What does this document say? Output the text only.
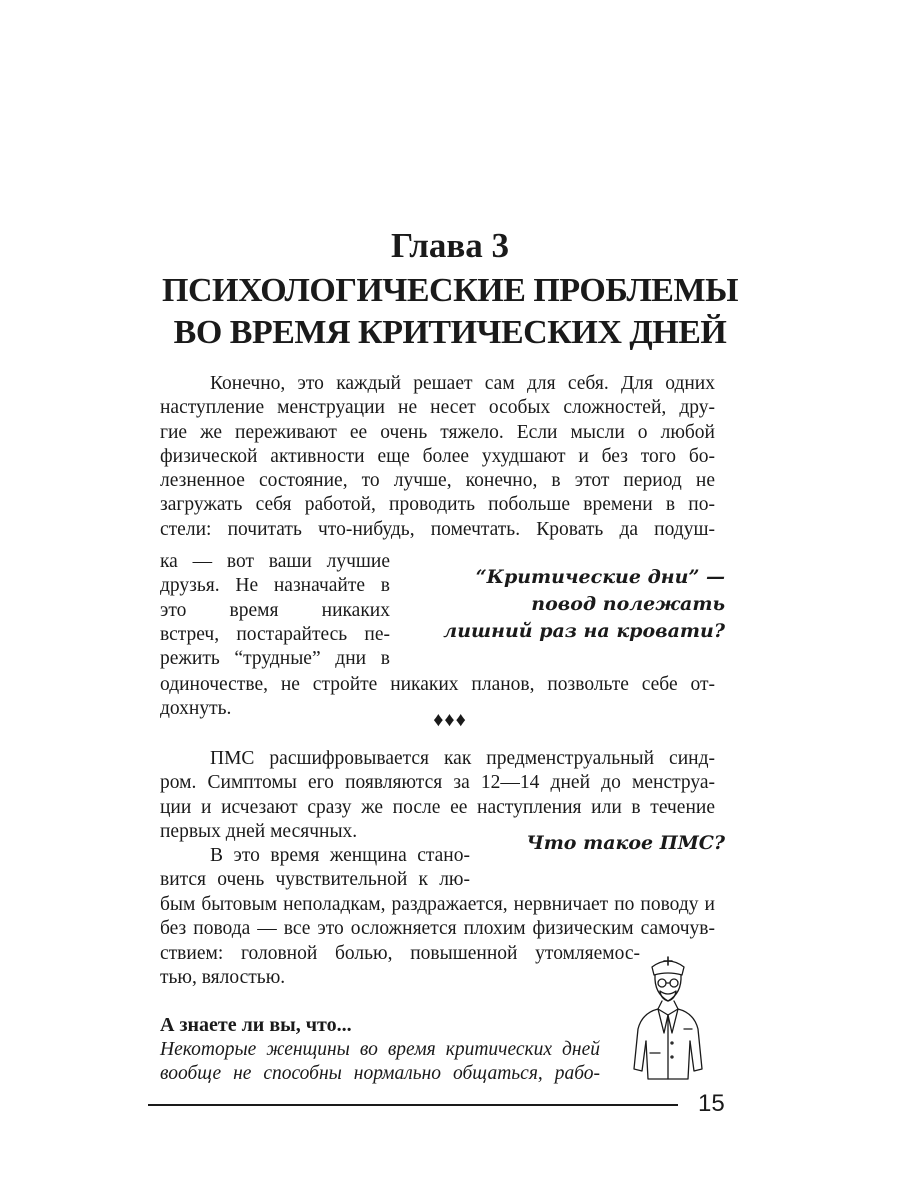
Глава 3
ПСИХОЛОГИЧЕСКИЕ ПРОБЛЕМЫ
ВО ВРЕМЯ КРИТИЧЕСКИХ ДНЕЙ
Конечно, это каждый решает сам для себя. Для одних
наступление менструации не несет особых сложностей, дру-
гие же переживают ее очень тяжело. Если мысли о любой
физической активности еще более ухудшают и без того бо-
лезненное состояние, то лучше, конечно, в этот период не
загружать себя работой, проводить побольше времени в по-
стели: почитать что-нибудь, помечтать. Кровать да подуш-
ка — вот ваши лучшие
друзья. Не назначайте в
это время никаких
встреч, постарайтесь пе-
режить “трудные” дни в
“Критические дни” —
повод полежать
лишний раз на кровати?
одиночестве, не стройте никаких планов, позвольте себе от-
дохнуть.
♦♦♦
ПМС расшифровывается как предменструальный синд-
ром. Симптомы его появляются за 12—14 дней до менструа-
ции и исчезают сразу же после ее наступления или в течение
первых дней месячных.
Что такое ПМС?
В это время женщина стано-
вится очень чувствительной к лю-
бым бытовым неполадкам, раздражается, нервничает по поводу и
без повода — все это осложняется плохим физическим самочув-
ствием: головной болью, повышенной утомляемос-
тью, вялостью.
А знаете ли вы, что...
Некоторые женщины во время критических дней
вообще не способны нормально общаться, рабо-
15
